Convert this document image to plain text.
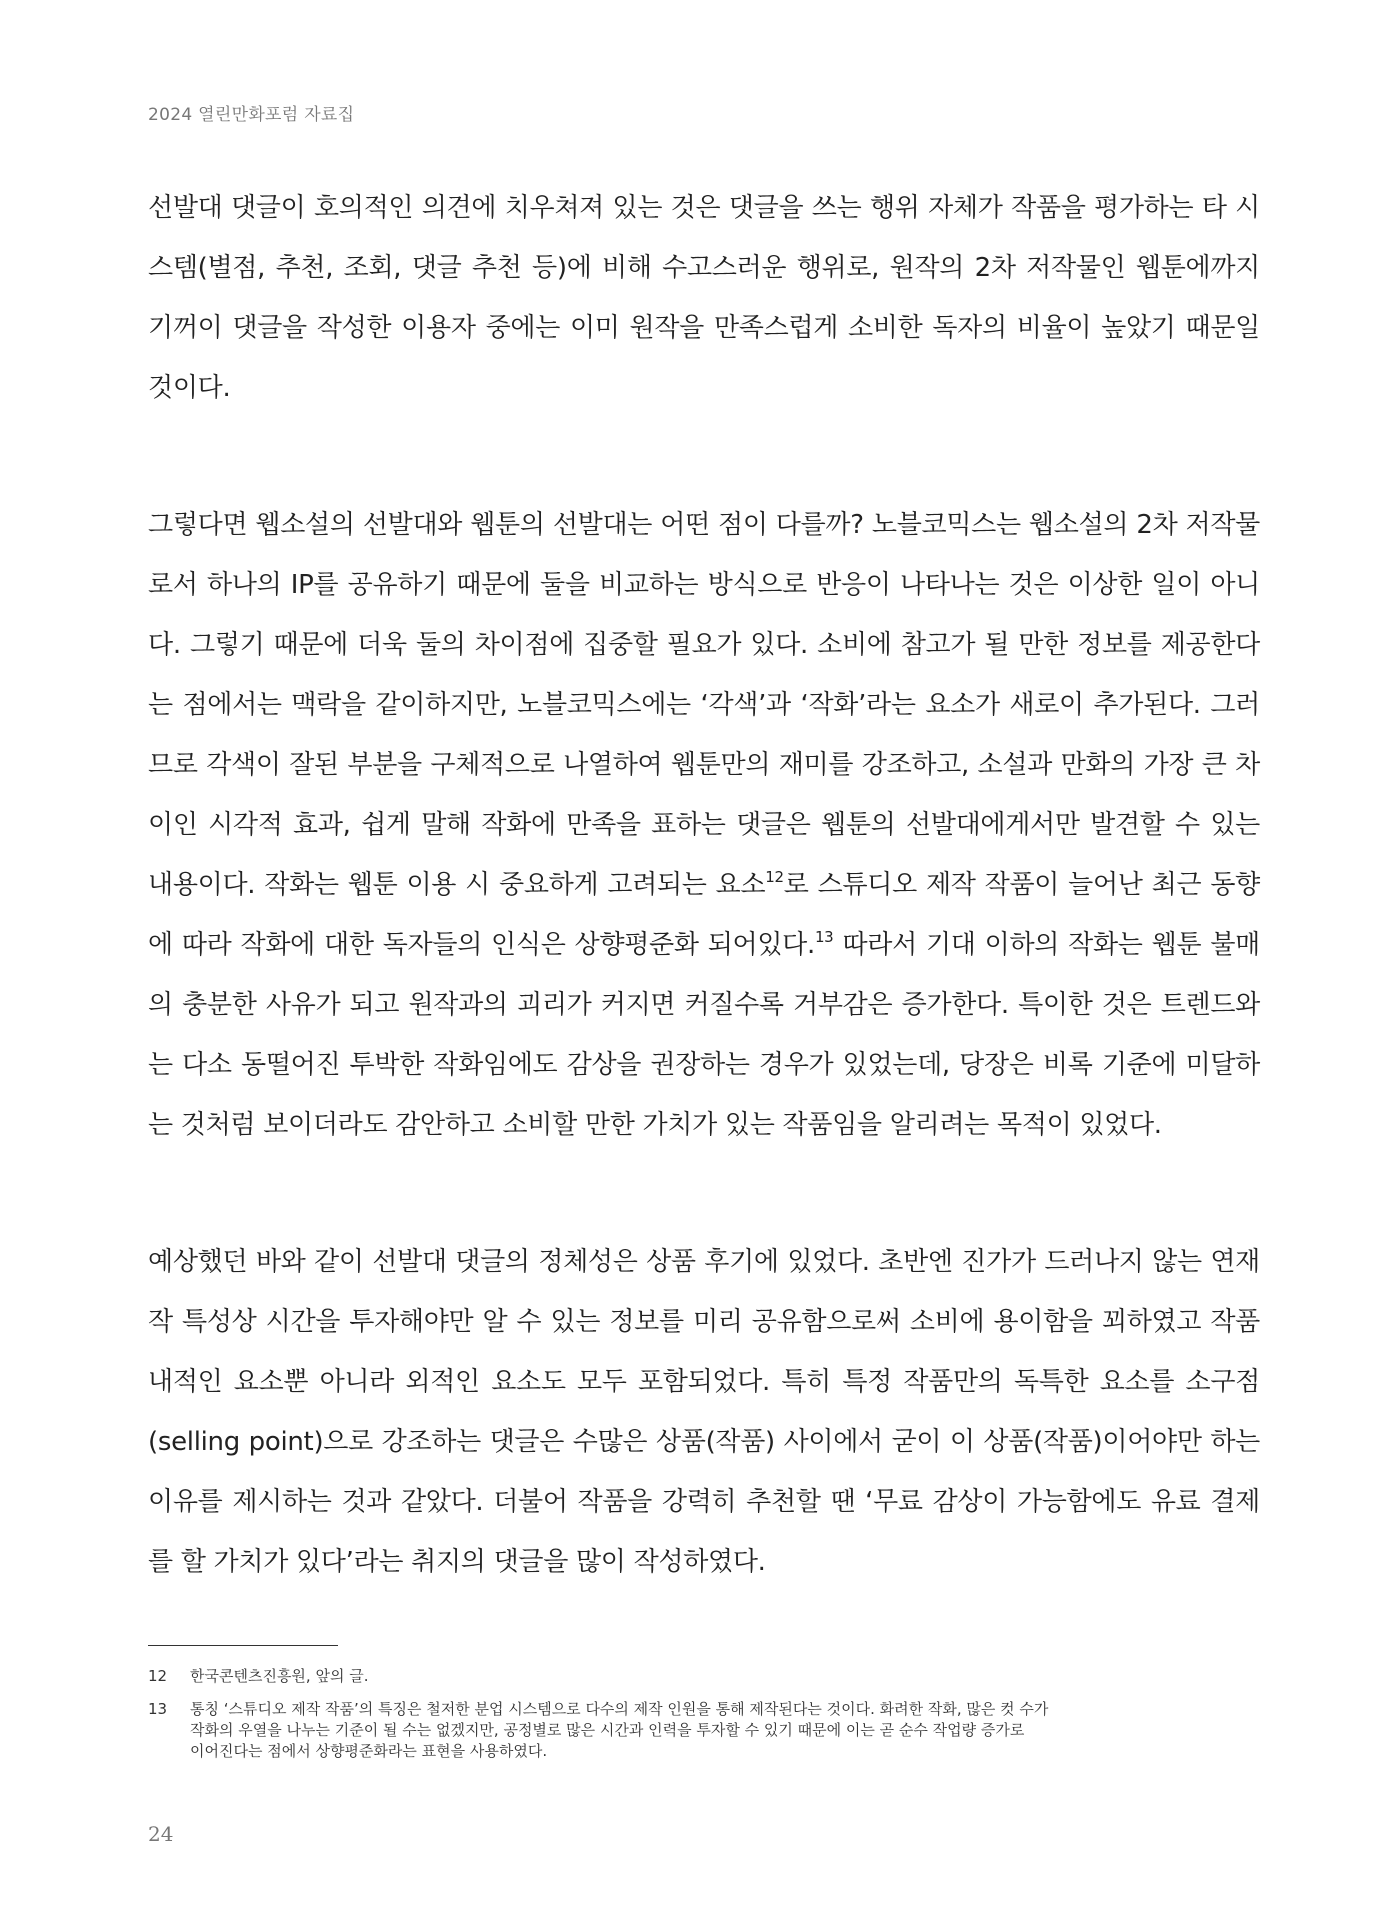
2024 열린만화포럼 자료집

선발대 댓글이 호의적인 의견에 치우쳐져 있는 것은 댓글을 쓰는 행위 자체가 작품을 평가하는 타 시스템(별점, 추천, 조회, 댓글 추천 등)에 비해 수고스러운 행위로, 원작의 2차 저작물인 웹툰에까지 기꺼이 댓글을 작성한 이용자 중에는 이미 원작을 만족스럽게 소비한 독자의 비율이 높았기 때문일 것이다.

그렇다면 웹소설의 선발대와 웹툰의 선발대는 어떤 점이 다를까? 노블코믹스는 웹소설의 2차 저작물로서 하나의 IP를 공유하기 때문에 둘을 비교하는 방식으로 반응이 나타나는 것은 이상한 일이 아니다. 그렇기 때문에 더욱 둘의 차이점에 집중할 필요가 있다. 소비에 참고가 될 만한 정보를 제공한다는 점에서는 맥락을 같이하지만, 노블코믹스에는 ‘각색’과 ‘작화’라는 요소가 새로이 추가된다. 그러므로 각색이 잘된 부분을 구체적으로 나열하여 웹툰만의 재미를 강조하고, 소설과 만화의 가장 큰 차이인 시각적 효과, 쉽게 말해 작화에 만족을 표하는 댓글은 웹툰의 선발대에게서만 발견할 수 있는 내용이다. 작화는 웹툰 이용 시 중요하게 고려되는 요소$^{12}$로 스튜디오 제작 작품이 늘어난 최근 동향에 따라 작화에 대한 독자들의 인식은 상향평준화 되어있다.$^{13}$ 따라서 기대 이하의 작화는 웹툰 불매의 충분한 사유가 되고 원작과의 괴리가 커지면 커질수록 거부감은 증가한다. 특이한 것은 트렌드와는 다소 동떨어진 투박한 작화임에도 감상을 권장하는 경우가 있었는데, 당장은 비록 기준에 미달하는 것처럼 보이더라도 감안하고 소비할 만한 가치가 있는 작품임을 알리려는 목적이 있었다.

예상했던 바와 같이 선발대 댓글의 정체성은 상품 후기에 있었다. 초반엔 진가가 드러나지 않는 연재작 특성상 시간을 투자해야만 알 수 있는 정보를 미리 공유함으로써 소비에 용이함을 꾀하였고 작품 내적인 요소뿐 아니라 외적인 요소도 모두 포함되었다. 특히 특정 작품만의 독특한 요소를 소구점(selling point)으로 강조하는 댓글은 수많은 상품(작품) 사이에서 굳이 이 상품(작품)이어야만 하는 이유를 제시하는 것과 같았다. 더불어 작품을 강력히 추천할 땐 ‘무료 감상이 가능함에도 유료 결제를 할 가치가 있다’라는 취지의 댓글을 많이 작성하였다.

12	한국콘텐츠진흥원, 앞의 글.
13	통칭 ‘스튜디오 제작 작품’의 특징은 철저한 분업 시스템으로 다수의 제작 인원을 통해 제작된다는 것이다. 화려한 작화, 많은 컷 수가
작화의 우열을 나누는 기준이 될 수는 없겠지만, 공정별로 많은 시간과 인력을 투자할 수 있기 때문에 이는 곧 순수 작업량 증가로
이어진다는 점에서 상향평준화라는 표현을 사용하였다.
24
